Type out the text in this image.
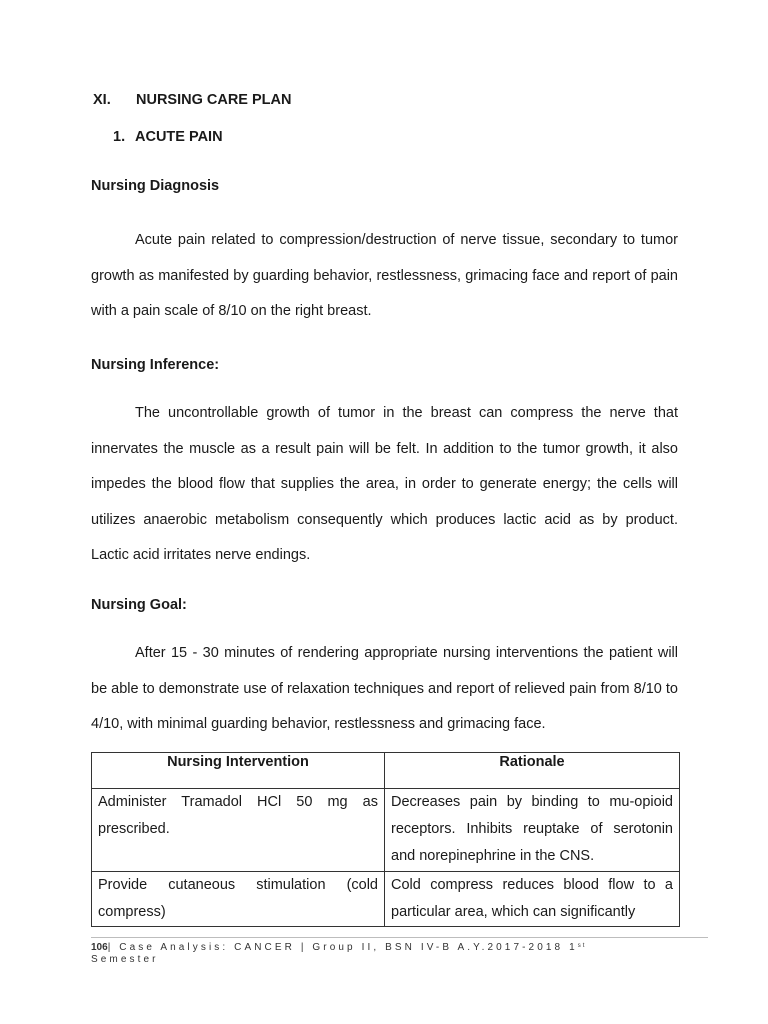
XI. NURSING CARE PLAN
1. ACUTE PAIN
Nursing Diagnosis

Acute pain related to compression/destruction of nerve tissue, secondary to tumor growth as manifested by guarding behavior, restlessness, grimacing face and report of pain with a pain scale of 8/10 on the right breast.

Nursing Inference:

The uncontrollable growth of tumor in the breast can compress the nerve that innervates the muscle as a result pain will be felt. In addition to the tumor growth, it also impedes the blood flow that supplies the area, in order to generate energy; the cells will utilizes anaerobic metabolism consequently which produces lactic acid as by product. Lactic acid irritates nerve endings.

Nursing Goal:

After 15 - 30 minutes of rendering appropriate nursing interventions the patient will be able to demonstrate use of relaxation techniques and report of relieved pain from 8/10 to 4/10, with minimal guarding behavior, restlessness and grimacing face.

Nursing Intervention	Rationale
Administer Tramadol HCl 50 mg as prescribed.	Decreases pain by binding to mu-opioid receptors. Inhibits reuptake of serotonin and norepinephrine in the CNS.
Provide cutaneous stimulation (cold compress)	Cold compress reduces blood flow to a particular area, which can significantly
106| Case Analysis: CANCER | Group II, BSN IV-B A.Y.2017-2018 1st
Semester
